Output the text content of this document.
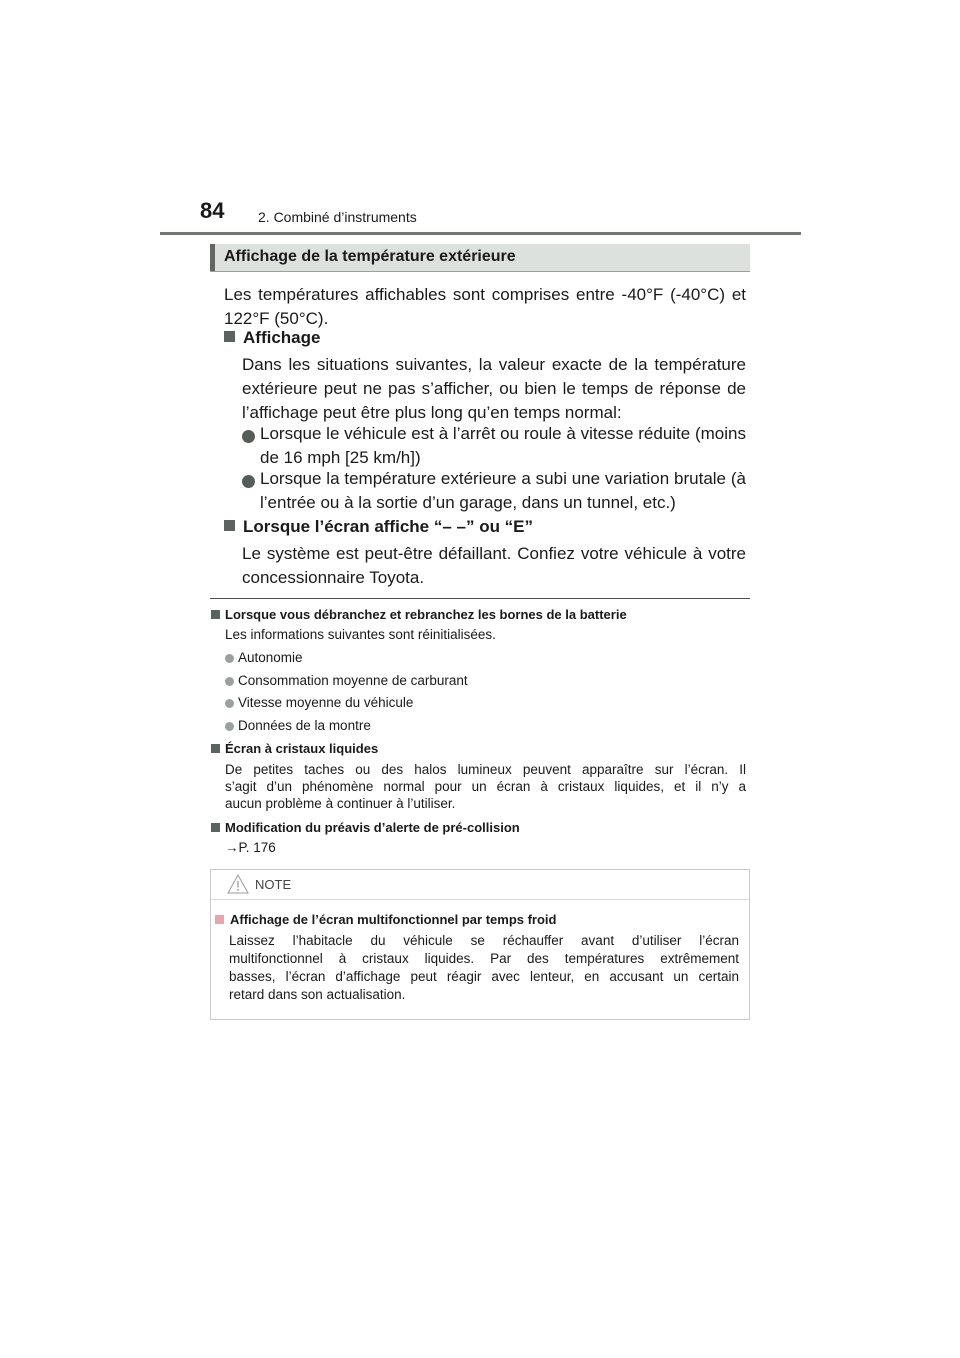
84 2. Combiné d’instruments
Affichage de la température extérieure
Les températures affichables sont comprises entre -40°F (-40°C) et
122°F (50°C).
Affichage
Dans les situations suivantes, la valeur exacte de la température
extérieure peut ne pas s’afficher, ou bien le temps de réponse de
l’affichage peut être plus long qu’en temps normal:
Lorsque le véhicule est à l’arrêt ou roule à vitesse réduite (moins
de 16 mph [25 km/h])
Lorsque la température extérieure a subi une variation brutale (à
l’entrée ou à la sortie d’un garage, dans un tunnel, etc.)
Lorsque l’écran affiche “– –” ou “E”
Le système est peut-être défaillant. Confiez votre véhicule à votre
concessionnaire Toyota.
Lorsque vous débranchez et rebranchez les bornes de la batterie
Les informations suivantes sont réinitialisées.
Autonomie
Consommation moyenne de carburant
Vitesse moyenne du véhicule
Données de la montre
Écran à cristaux liquides
De petites taches ou des halos lumineux peuvent apparaître sur l’écran. Il
s’agit d’un phénomène normal pour un écran à cristaux liquides, et il n’y a
aucun problème à continuer à l’utiliser.
Modification du préavis d’alerte de pré-collision
→P. 176
NOTE
Affichage de l’écran multifonctionnel par temps froid
Laissez l’habitacle du véhicule se réchauffer avant d’utiliser l’écran
multifonctionnel à cristaux liquides. Par des températures extrêmement
basses, l’écran d’affichage peut réagir avec lenteur, en accusant un certain
retard dans son actualisation.
